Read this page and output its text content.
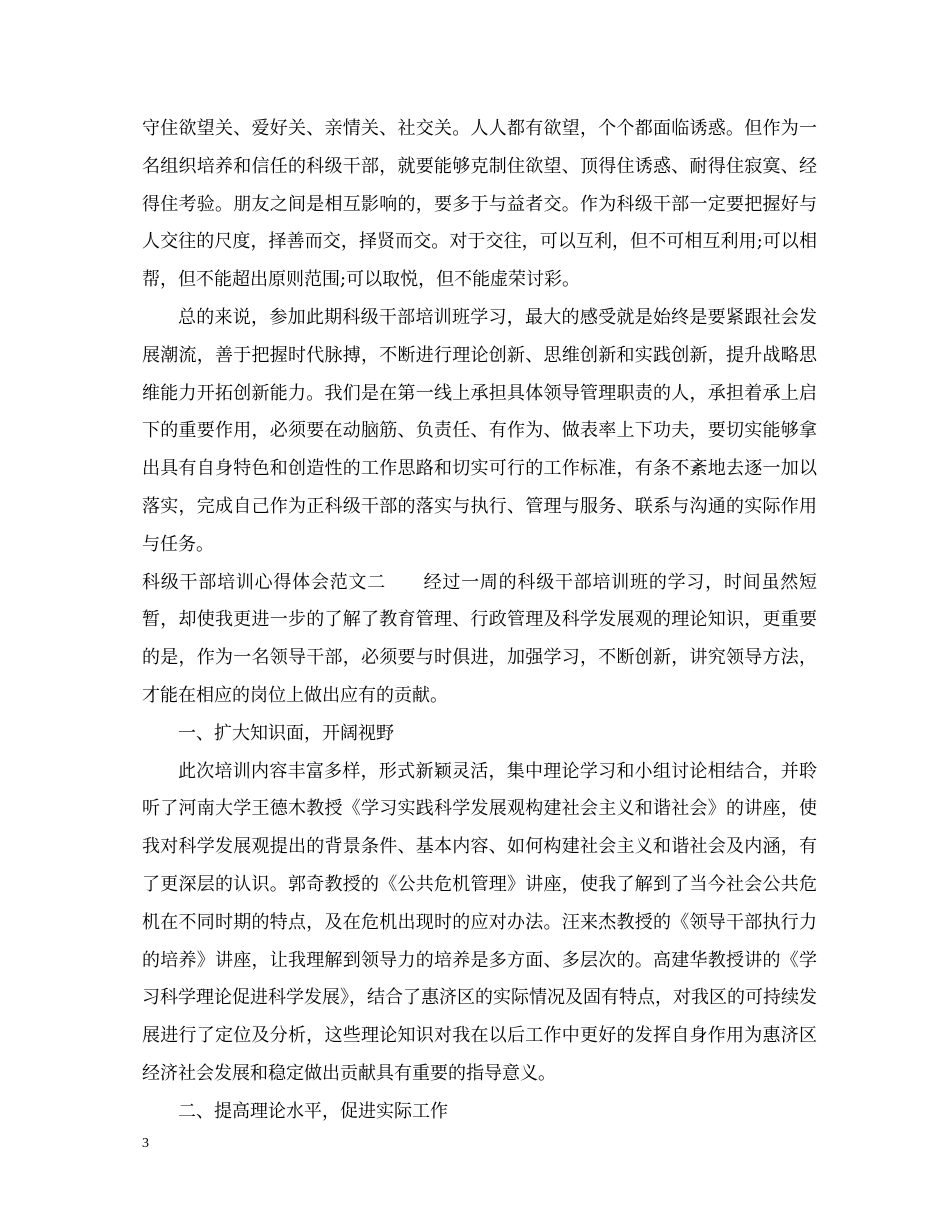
守住欲望关、爱好关、亲情关、社交关。人人都有欲望，个个都面临诱惑。但作为一名组织培养和信任的科级干部，就要能够克制住欲望、顶得住诱惑、耐得住寂寞、经得住考验。朋友之间是相互影响的，要多于与益者交。作为科级干部一定要把握好与人交往的尺度，择善而交，择贤而交。对于交往，可以互利，但不可相互利用;可以相帮，但不能超出原则范围;可以取悦，但不能虚荣讨彩。

总的来说，参加此期科级干部培训班学习，最大的感受就是始终是要紧跟社会发展潮流，善于把握时代脉搏，不断进行理论创新、思维创新和实践创新，提升战略思维能力开拓创新能力。我们是在第一线上承担具体领导管理职责的人，承担着承上启下的重要作用，必须要在动脑筋、负责任、有作为、做表率上下功夫，要切实能够拿出具有自身特色和创造性的工作思路和切实可行的工作标准，有条不紊地去逐一加以落实，完成自己作为正科级干部的落实与执行、管理与服务、联系与沟通的实际作用与任务。

科级干部培训心得体会范文二　　经过一周的科级干部培训班的学习，时间虽然短暂，却使我更进一步的了解了教育管理、行政管理及科学发展观的理论知识，更重要的是，作为一名领导干部，必须要与时俱进，加强学习，不断创新，讲究领导方法，才能在相应的岗位上做出应有的贡献。

一、扩大知识面，开阔视野

此次培训内容丰富多样，形式新颖灵活，集中理论学习和小组讨论相结合，并聆听了河南大学王德木教授《学习实践科学发展观构建社会主义和谐社会》的讲座，使我对科学发展观提出的背景条件、基本内容、如何构建社会主义和谐社会及内涵，有了更深层的认识。郭奇教授的《公共危机管理》讲座，使我了解到了当今社会公共危机在不同时期的特点，及在危机出现时的应对办法。汪来杰教授的《领导干部执行力的培养》讲座，让我理解到领导力的培养是多方面、多层次的。高建华教授讲的《学习科学理论促进科学发展》，结合了惠济区的实际情况及固有特点，对我区的可持续发展进行了定位及分析，这些理论知识对我在以后工作中更好的发挥自身作用为惠济区经济社会发展和稳定做出贡献具有重要的指导意义。

二、提高理论水平，促进实际工作

3
